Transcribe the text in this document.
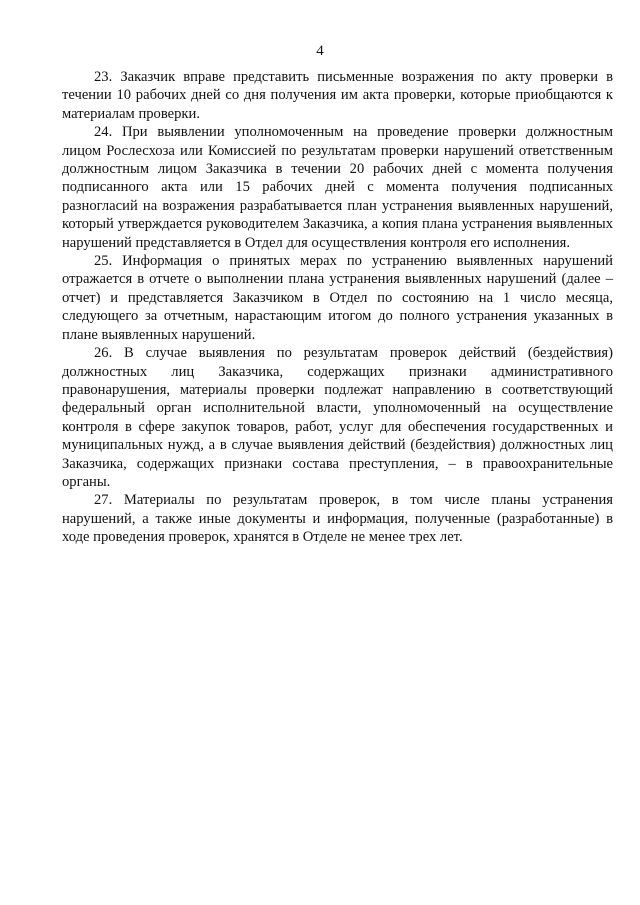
4

23. Заказчик вправе представить письменные возражения по акту проверки в течении 10 рабочих дней со дня получения им акта проверки, которые приобщаются к материалам проверки.

24. При выявлении уполномоченным на проведение проверки должностным лицом Рослесхоза или Комиссией по результатам проверки нарушений ответственным должностным лицом Заказчика в течении 20 рабочих дней с момента получения подписанного акта или 15 рабочих дней с момента получения подписанных разногласий на возражения разрабатывается план устранения выявленных нарушений, который утверждается руководителем Заказчика, а копия плана устранения выявленных нарушений представляется в Отдел для осуществления контроля его исполнения.

25. Информация о принятых мерах по устранению выявленных нарушений отражается в отчете о выполнении плана устранения выявленных нарушений (далее – отчет) и представляется Заказчиком в Отдел по состоянию на 1 число месяца, следующего за отчетным, нарастающим итогом до полного устранения указанных в плане выявленных нарушений.

26. В случае выявления по результатам проверок действий (бездействия) должностных лиц Заказчика, содержащих признаки административного правонарушения, материалы проверки подлежат направлению в соответствующий федеральный орган исполнительной власти, уполномоченный на осуществление контроля в сфере закупок товаров, работ, услуг для обеспечения государственных и муниципальных нужд, а в случае выявления действий (бездействия) должностных лиц Заказчика, содержащих признаки состава преступления, – в правоохранительные органы.

27. Материалы по результатам проверок, в том числе планы устранения нарушений, а также иные документы и информация, полученные (разработанные) в ходе проведения проверок, хранятся в Отделе не менее трех лет.
